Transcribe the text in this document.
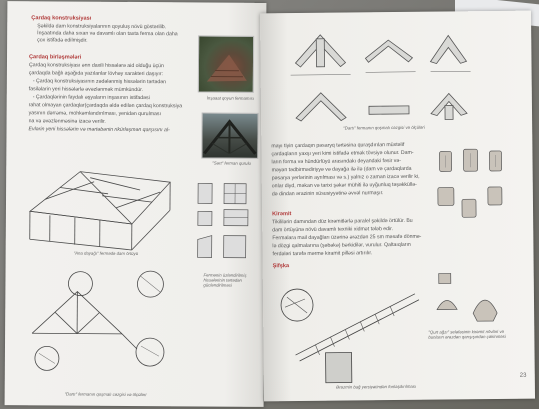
Çardaq konstruksiyası
Şəkildə dam konstruksiyalarının qoyuluş növü göstərilib.
İnşaatında daha sıxan və davamlı olan taxta ferma olan daha
çox istifadə edilmişdir.
Çardaq birləşmələri
Çardaq konstruksiyası ənn daxili hissələrə aid olduğu üçün
çardaqda bağlı aşağıda yazılanlar lövhəy xarakteri daşıyır:
- Çardaq konstruksiyasının zədələnmiş hissələrin tərtədən
fasiləlarin yeri hissələrlə əvəzlənmək mümkündür.
- Çardaqlərinin faydalı əşyaların inşasının istifadəsi
rahat olmayan çardaqlar(çardaqda əldə edilən çardaq konstruksiya
yasının dərrəmə, möhkəmlandırılması, yenidən qurulması
na və əvəzlənməsinə izacə verilir.
Evlərin yeni hissələrin və mərtəbənin rikürləşmən qarşısını al-
İnşaaat qoyun fermamısı
"Sərt" ferman qurulu
"Ana dayağı" fermədə dam örtüyü
Fermənin üzləndirilmiş hissələrinin tərtədən gücləndirilməsi
"Dartı" fermanın qoşmalı cəzgisi və ölçüləri
"Dartı" fermanın qoşmalı cəzgisi və ölçüləri
mayı tiyin çardaqın pəsaryq tərtəsina quraşdırılan müxtəlif
çardaqların yaxşı yeri kimi istifadə etmək tövsiyə olunur. Dam-
ların forma və hündürlüyü arasındakı deyandaki fəsir və-
məyən tədbirmədiriyyə və dayağa ilə ilə (dam və çardaqlarda
pəsarya yerlərinin ayrılması və s.) yalnız o zaman izacə verilir ki,
onlar diyd, məkan və tarixi şəkər mühiti ilə uyğunluq təşəkküllə-
də dindan ərazinin xüsusiyyətinə əvvəl nurmaşır.
Kirəmit
Tikililərin damından düz kirəmitlərlə paralel şəkildə örtülür. Bu
dam örtüyünə növü davamlı texniki xidmət tələb edir.
Fermalara mail dayağları üzərinə ərəzdən 25 sm məsafə dönmə-
lə dözgi qalmalarına (şəbəkə) bərkidilər, vurulur. Qaltaıqların
ferdələri tarəfə mərmə kiramit pilləsi artırılır.
Şifşka
"Qurt ağzı" seləfəsinin kirəmit növləri və bunların ərəzdən qarışışındən çəkinməsi
Ərəzmin bağ yersiyətindən fonlaşdırılması
23
